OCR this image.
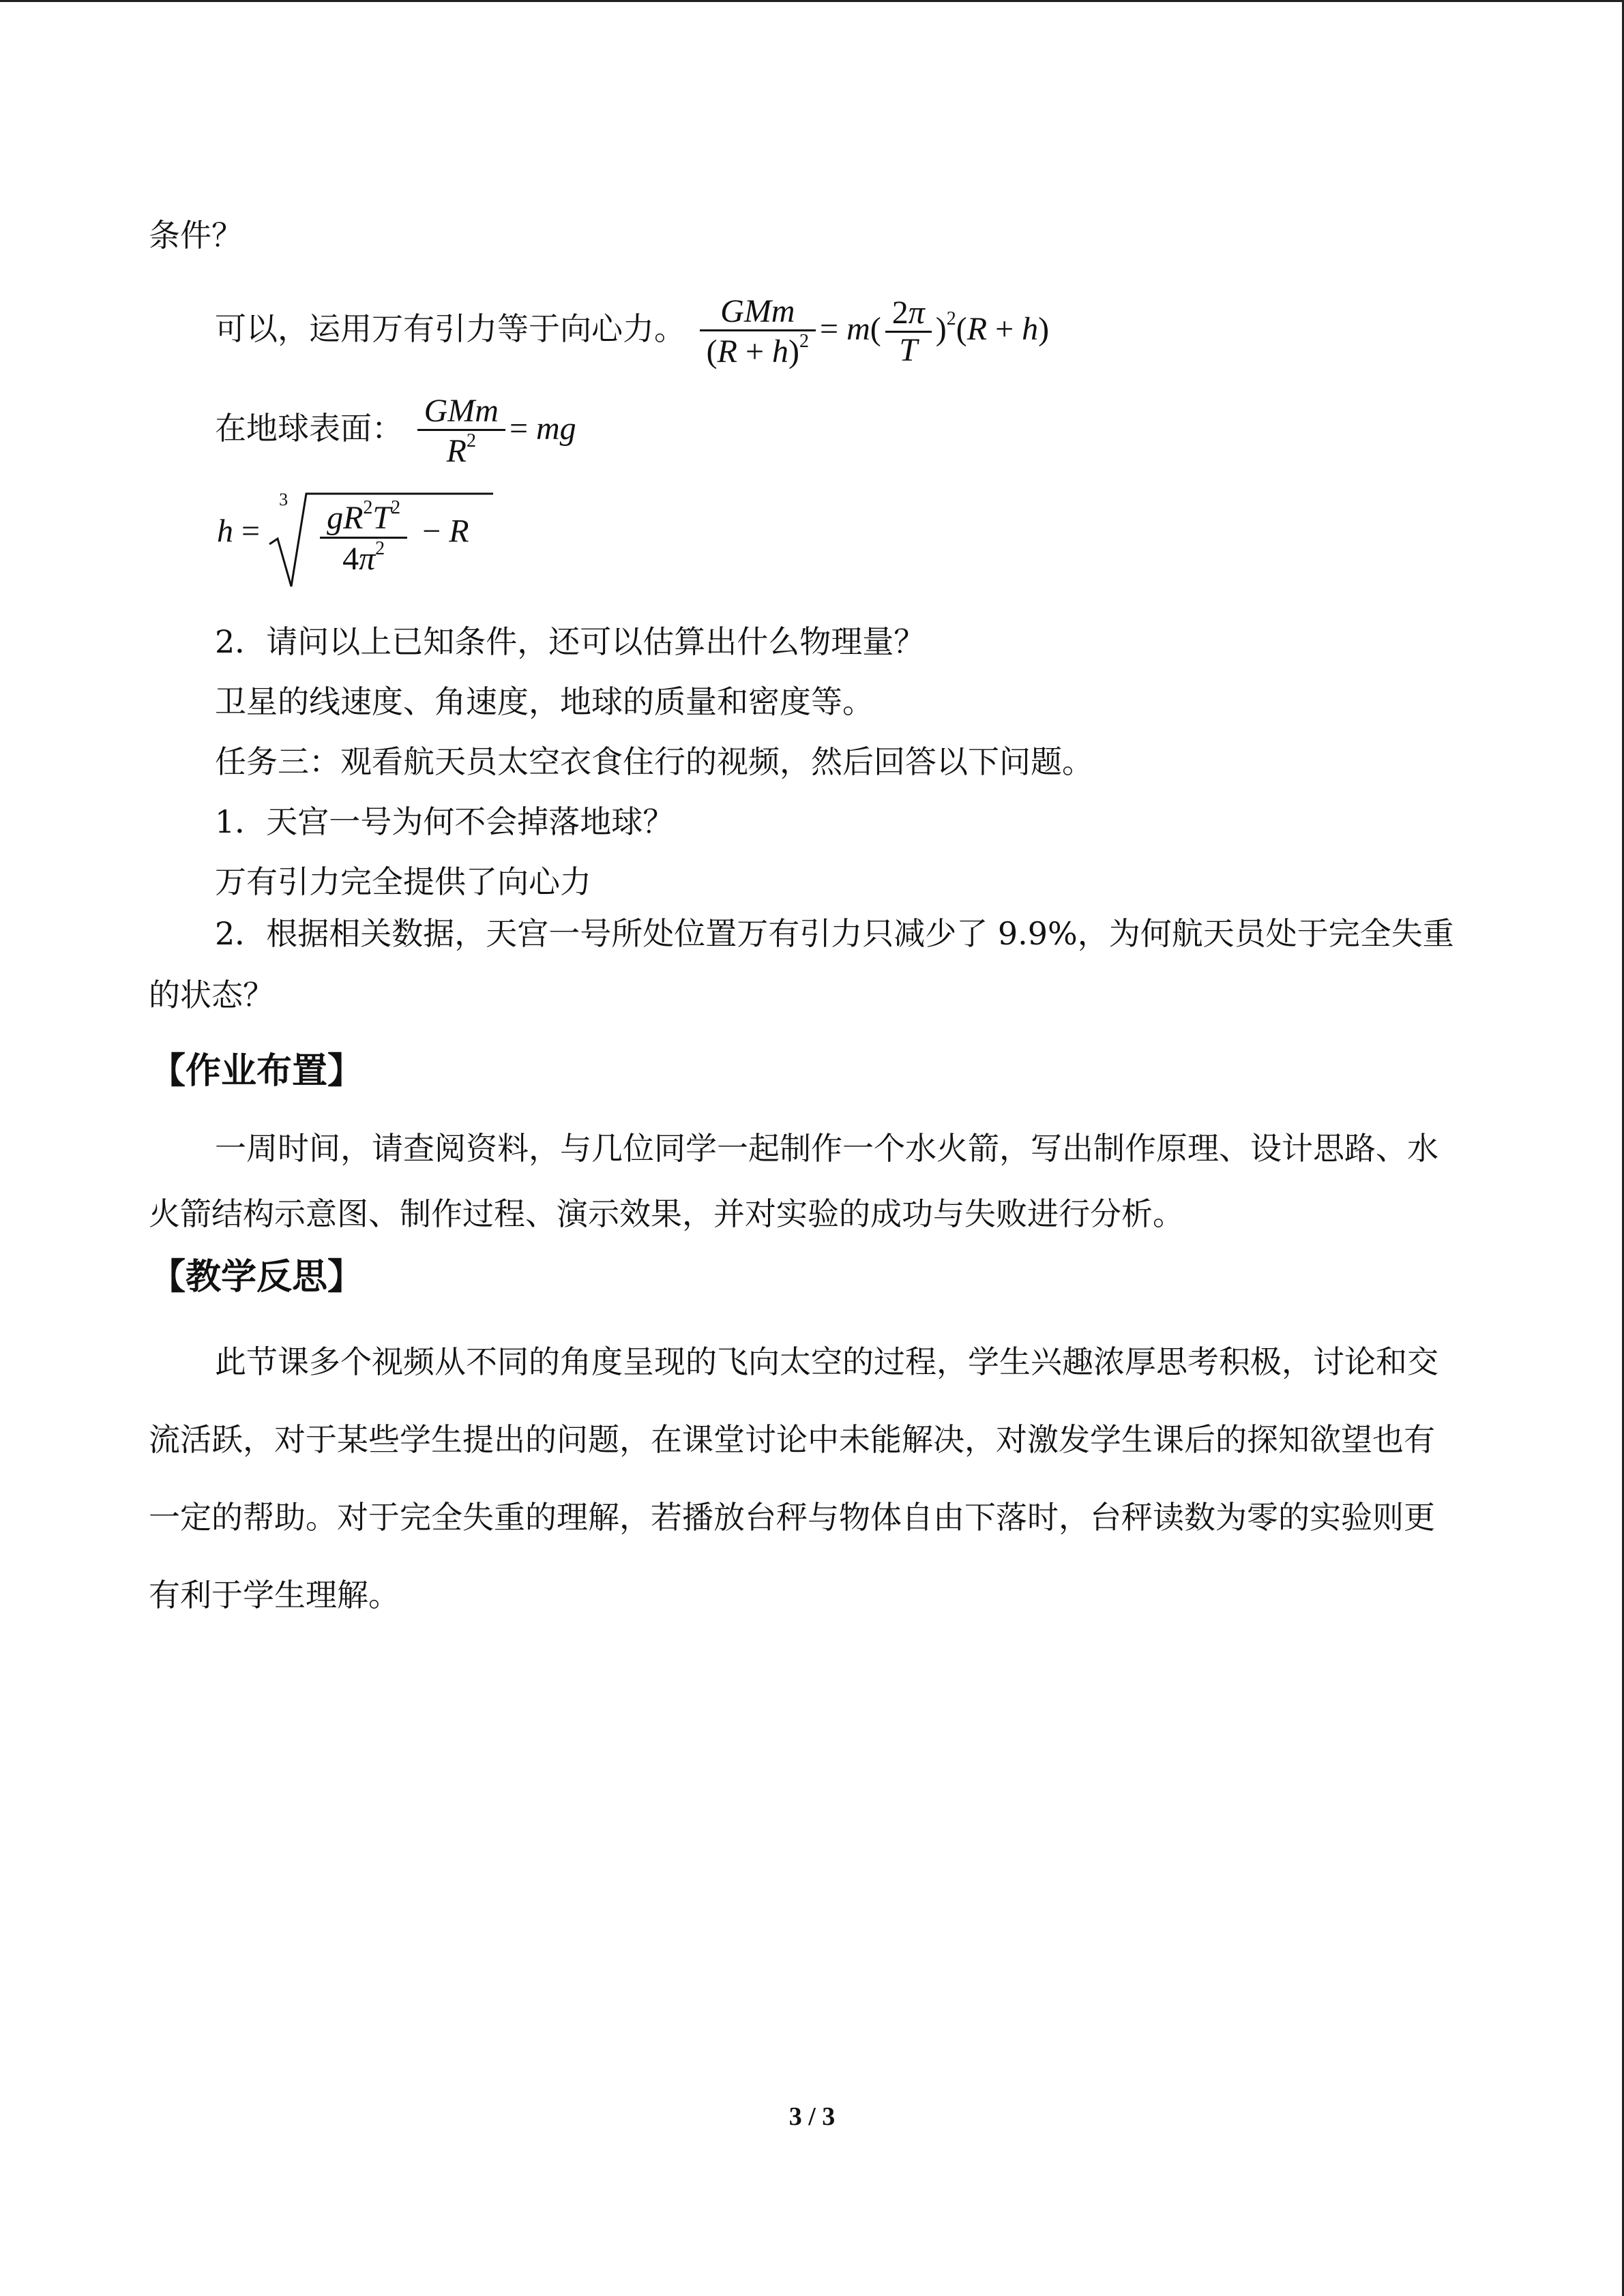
条件？
可以，运用万有引力等于向心力。 $\frac{\text{GMm}}{(R + h)^2} = m( \frac{2\pi}{T} )^2(R + h)$
在地球表面： $\frac{\text{GMm}}{R^2}$ = mg
h =
$3 \frac{gR^2T^2}{4\pi^2} - R$
2．请问以上已知条件，还可以估算出什么物理量？
卫星的线速度、角速度，地球的质量和密度等。
任务三：观看航天员太空衣食住行的视频，然后回答以下问题。
1．天宫一号为何不会掉落地球？
万有引力完全提供了向心力
2．根据相关数据，天宫一号所处位置万有引力只减少了 9.9%，为何航天员处于完全失重的状态？
【作业布置】
一周时间，请查阅资料，与几位同学一起制作一个水火箭，写出制作原理、设计思路、水火箭结构示意图、制作过程、演示效果，并对实验的成功与失败进行分析。
【教学反思】
此节课多个视频从不同的角度呈现的飞向太空的过程，学生兴趣浓厚思考积极，讨论和交流活跃，对于某些学生提出的问题，在课堂讨论中未能解决，对激发学生课后的探知欲望也有一定的帮助。对于完全失重的理解，若播放台秤与物体自由下落时，台秤读数为零的实验则更有利于学生理解。
3 / 3
